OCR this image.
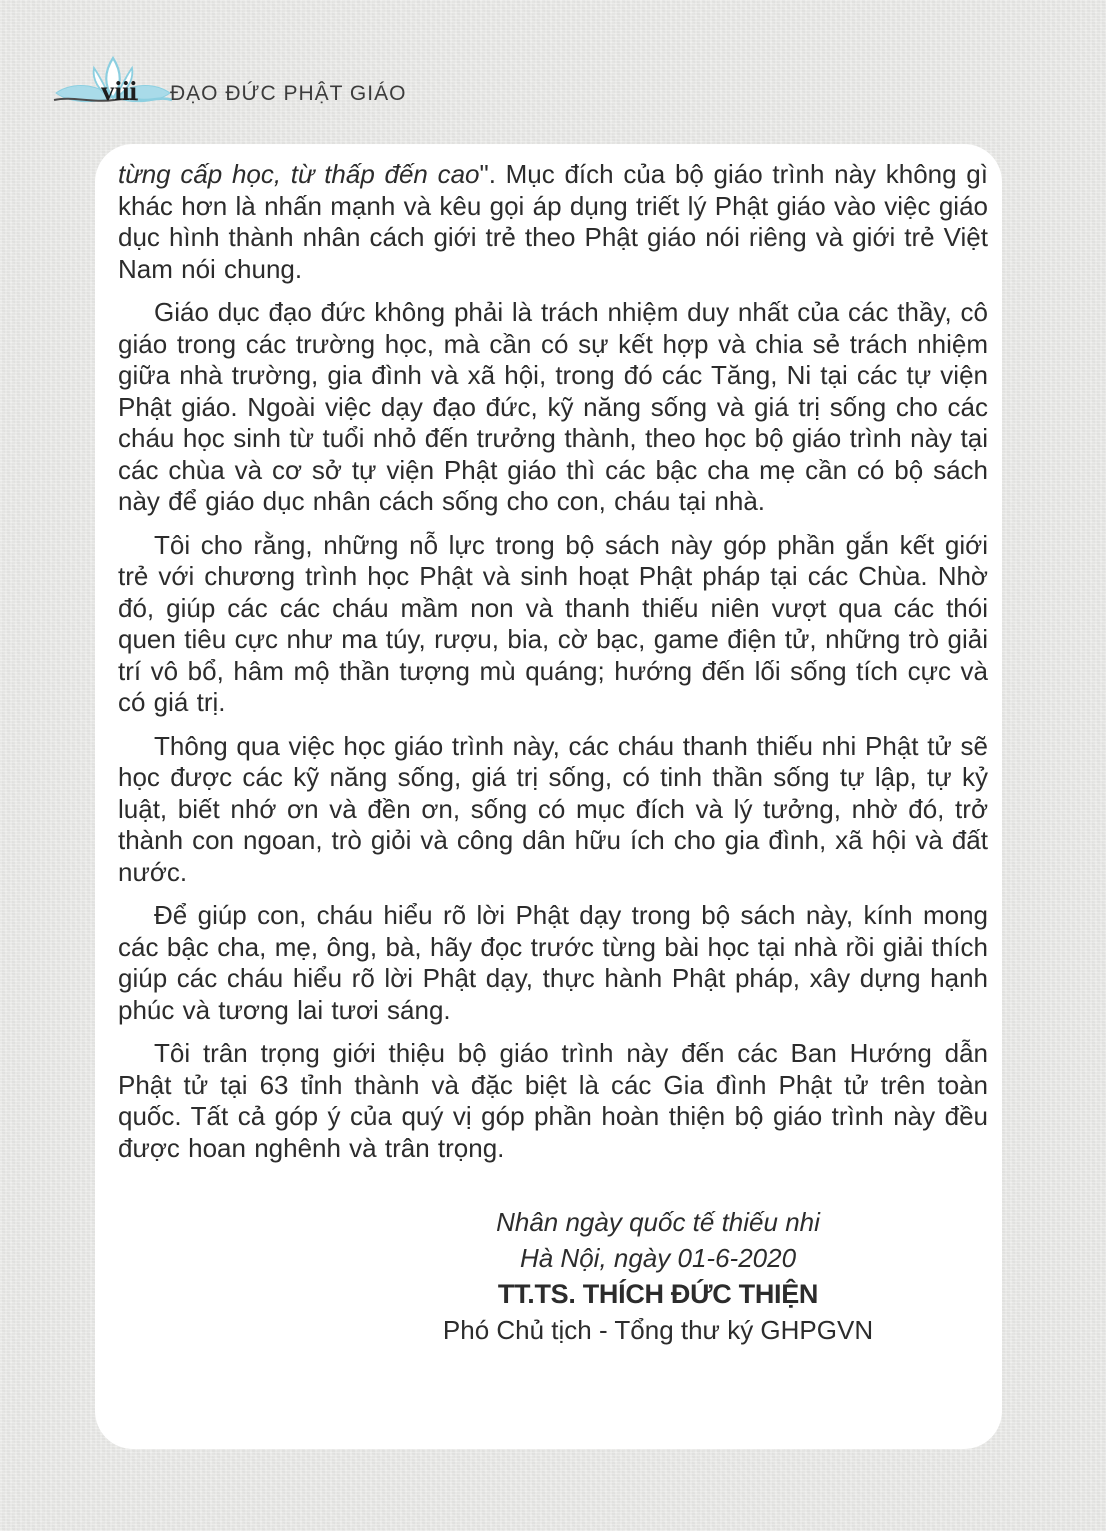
viii ĐẠO ĐỨC PHẬT GIÁO

từng cấp học, từ thấp đến cao". Mục đích của bộ giáo trình này không gì khác hơn là nhấn mạnh và kêu gọi áp dụng triết lý Phật giáo vào việc giáo dục hình thành nhân cách giới trẻ theo Phật giáo nói riêng và giới trẻ Việt Nam nói chung.

Giáo dục đạo đức không phải là trách nhiệm duy nhất của các thầy, cô giáo trong các trường học, mà cần có sự kết hợp và chia sẻ trách nhiệm giữa nhà trường, gia đình và xã hội, trong đó các Tăng, Ni tại các tự viện Phật giáo. Ngoài việc dạy đạo đức, kỹ năng sống và giá trị sống cho các cháu học sinh từ tuổi nhỏ đến trưởng thành, theo học bộ giáo trình này tại các chùa và cơ sở tự viện Phật giáo thì các bậc cha mẹ cần có bộ sách này để giáo dục nhân cách sống cho con, cháu tại nhà.

Tôi cho rằng, những nỗ lực trong bộ sách này góp phần gắn kết giới trẻ với chương trình học Phật và sinh hoạt Phật pháp tại các Chùa. Nhờ đó, giúp các các cháu mầm non và thanh thiếu niên vượt qua các thói quen tiêu cực như ma túy, rượu, bia, cờ bạc, game điện tử, những trò giải trí vô bổ, hâm mộ thần tượng mù quáng; hướng đến lối sống tích cực và có giá trị.

Thông qua việc học giáo trình này, các cháu thanh thiếu nhi Phật tử sẽ học được các kỹ năng sống, giá trị sống, có tinh thần sống tự lập, tự kỷ luật, biết nhớ ơn và đền ơn, sống có mục đích và lý tưởng, nhờ đó, trở thành con ngoan, trò giỏi và công dân hữu ích cho gia đình, xã hội và đất nước.

Để giúp con, cháu hiểu rõ lời Phật dạy trong bộ sách này, kính mong các bậc cha, mẹ, ông, bà, hãy đọc trước từng bài học tại nhà rồi giải thích giúp các cháu hiểu rõ lời Phật dạy, thực hành Phật pháp, xây dựng hạnh phúc và tương lai tươi sáng.

Tôi trân trọng giới thiệu bộ giáo trình này đến các Ban Hướng dẫn Phật tử tại 63 tỉnh thành và đặc biệt là các Gia đình Phật tử trên toàn quốc. Tất cả góp ý của quý vị góp phần hoàn thiện bộ giáo trình này đều được hoan nghênh và trân trọng.

Nhân ngày quốc tế thiếu nhi
Hà Nội, ngày 01-6-2020
TT.TS. THÍCH ĐỨC THIỆN
Phó Chủ tịch - Tổng thư ký GHPGVN
